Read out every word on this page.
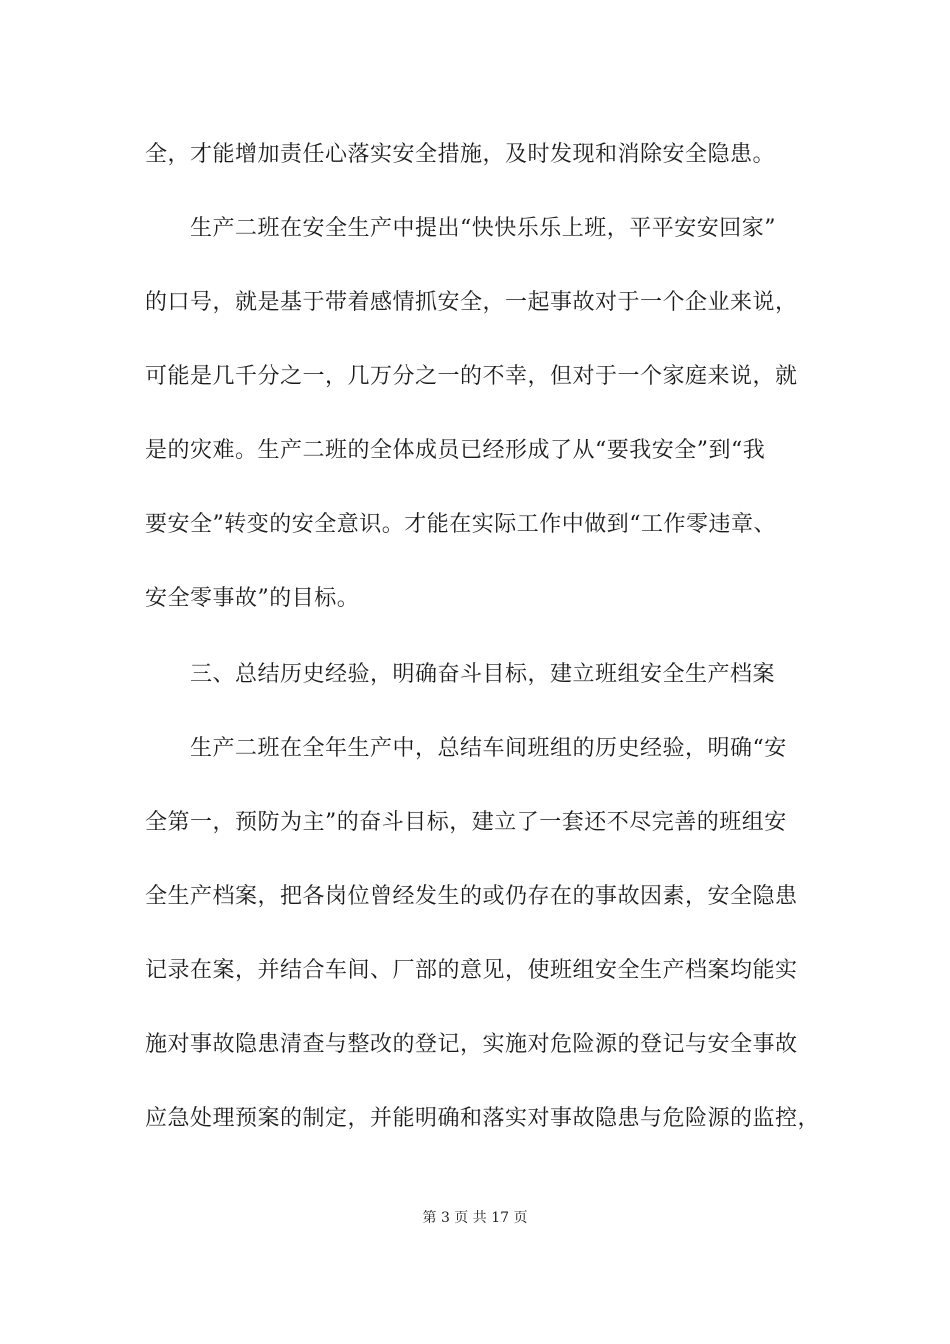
全，才能增加责任心落实安全措施，及时发现和消除安全隐患。
生产二班在安全生产中提出“快快乐乐上班，平平安安回家”
的口号，就是基于带着感情抓安全，一起事故对于一个企业来说，
可能是几千分之一，几万分之一的不幸，但对于一个家庭来说，就
是的灾难。生产二班的全体成员已经形成了从“要我安全”到“我
要安全”转变的安全意识。才能在实际工作中做到“工作零违章、
安全零事故”的目标。
三、总结历史经验，明确奋斗目标，建立班组安全生产档案
生产二班在全年生产中，总结车间班组的历史经验，明确“安
全第一，预防为主”的奋斗目标，建立了一套还不尽完善的班组安
全生产档案，把各岗位曾经发生的或仍存在的事故因素，安全隐患
记录在案，并结合车间、厂部的意见，使班组安全生产档案均能实
施对事故隐患清查与整改的登记，实施对危险源的登记与安全事故
应急处理预案的制定，并能明确和落实对事故隐患与危险源的监控，
第 3 页 共 17 页
